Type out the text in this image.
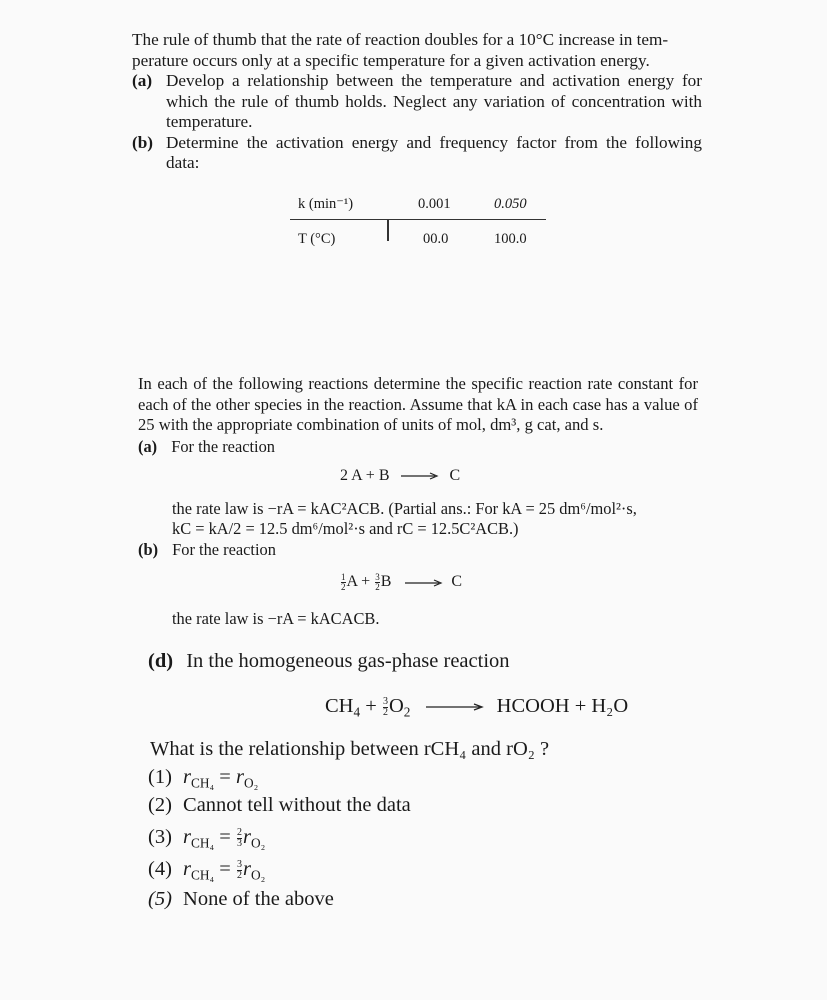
The rule of thumb that the rate of reaction doubles for a 10°C increase in tem-

perature occurs only at a specific temperature for a given activation energy.

(a) Develop a relationship between the temperature and activation energy for which the rule of thumb holds. Neglect any variation of concentration with temperature.

(b) Determine the activation energy and frequency factor from the following data:

k (min⁻¹)	0.001	0.050
T (°C)	00.0	100.0

In each of the following reactions determine the specific reaction rate constant for each of the other species in the reaction. Assume that kA in each case has a value of 25 with the appropriate combination of units of mol, dm³, g cat, and s.

(a) For the reaction
2 A + B → C
the rate law is −rA = kAC²ACB. (Partial ans.: For kA = 25 dm⁶/mol²·s,
kC = kA/2 = 12.5 dm⁶/mol²·s and rC = 12.5C²ACB.)
(b) For the reaction
$\frac{1}{2}$ $A + \frac{3}{2}$ B → C
the rate law is −rA = kACACB.
(d) In the homogeneous gas-phase reaction
$CH_4 + \frac{3}{2} O_2$ → HCOOH + H₂O
What is the relationship between rCH₄ and rO₂ ?
(1) $r_{CH_4} = r_{O_2}$
(2) Cannot tell without the data
(3) $r_{CH_4} = \frac{2}{3} r_{O_2}$
(4) $r_{CH_4} = \frac{3}{2} r_{O_2}$
(5) None of the above
